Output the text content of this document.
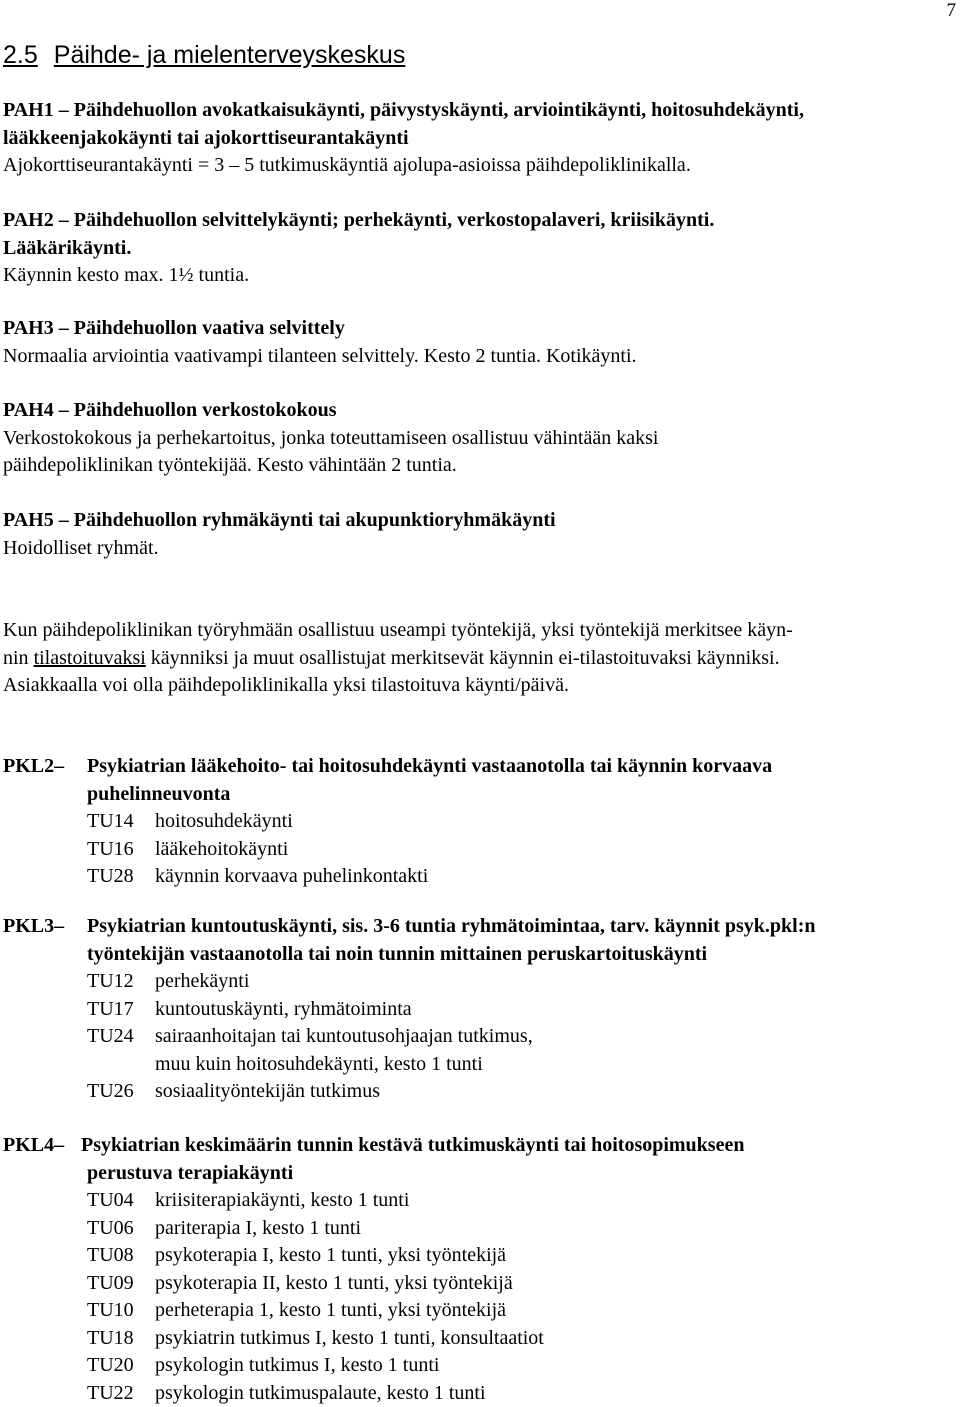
7
2.5 Päihde- ja mielenterveyskeskus
PAH1 – Päihdehuollon avokatkaisukäynti, päivystyskäynti, arviointikäynti, hoitosuhdekäynti,
lääkkeenjakokäynti tai ajokorttiseurantakäynti
Ajokorttiseurantakäynti = 3 – 5 tutkimuskäyntiä ajolupa-asioissa päihdepoliklinikalla.
PAH2 – Päihdehuollon selvittelykäynti; perhekäynti, verkostopalaveri, kriisikäynti.
Lääkärikäynti.
Käynnin kesto max. 1½ tuntia.
PAH3 – Päihdehuollon vaativa selvittely
Normaalia arviointia vaativampi tilanteen selvittely. Kesto 2 tuntia. Kotikäynti.
PAH4 – Päihdehuollon verkostokokous
Verkostokokous ja perhekartoitus, jonka toteuttamiseen osallistuu vähintään kaksi
päihdepoliklinikan työntekijää. Kesto vähintään 2 tuntia.
PAH5 – Päihdehuollon ryhmäkäynti tai akupunktioryhmäkäynti
Hoidolliset ryhmät.
Kun päihdepoliklinikan työryhmään osallistuu useampi työntekijä, yksi työntekijä merkitsee käyn-
nin tilastoituvaksi käynniksi ja muut osallistujat merkitsevät käynnin ei-tilastoituvaksi käynniksi.
Asiakkaalla voi olla päihdepoliklinikalla yksi tilastoituva käynti/päivä.
PKL2–	Psykiatrian lääkehoito- tai hoitosuhdekäynti vastaanotolla tai käynnin korvaava
puhelinneuvonta
TU14	hoitosuhdekäynti
TU16	lääkehoitokäynti
TU28	käynnin korvaava puhelinkontakti
PKL3–	Psykiatrian kuntoutuskäynti, sis. 3-6 tuntia ryhmätoimintaa, tarv. käynnit psyk.pkl:n
työntekijän vastaanotolla tai noin tunnin mittainen peruskartoituskäynti
TU12	perhekäynti
TU17	kuntoutuskäynti, ryhmätoiminta
TU24	sairaanhoitajan tai kuntoutusohjaajan tutkimus,
muu kuin hoitosuhdekäynti, kesto 1 tunti
TU26	sosiaalityöntekijän tutkimus
PKL4– Psykiatrian keskimäärin tunnin kestävä tutkimuskäynti tai hoitosopimukseen
perustuva terapiakäynti
TU04	kriisiterapiakäynti, kesto 1 tunti
TU06	pariterapia I, kesto 1 tunti
TU08	psykoterapia I, kesto 1 tunti, yksi työntekijä
TU09	psykoterapia II, kesto 1 tunti, yksi työntekijä
TU10	perheterapia 1, kesto 1 tunti, yksi työntekijä
TU18	psykiatrin tutkimus I, kesto 1 tunti, konsultaatiot
TU20	psykologin tutkimus I, kesto 1 tunti
TU22	psykologin tutkimuspalaute, kesto 1 tunti
